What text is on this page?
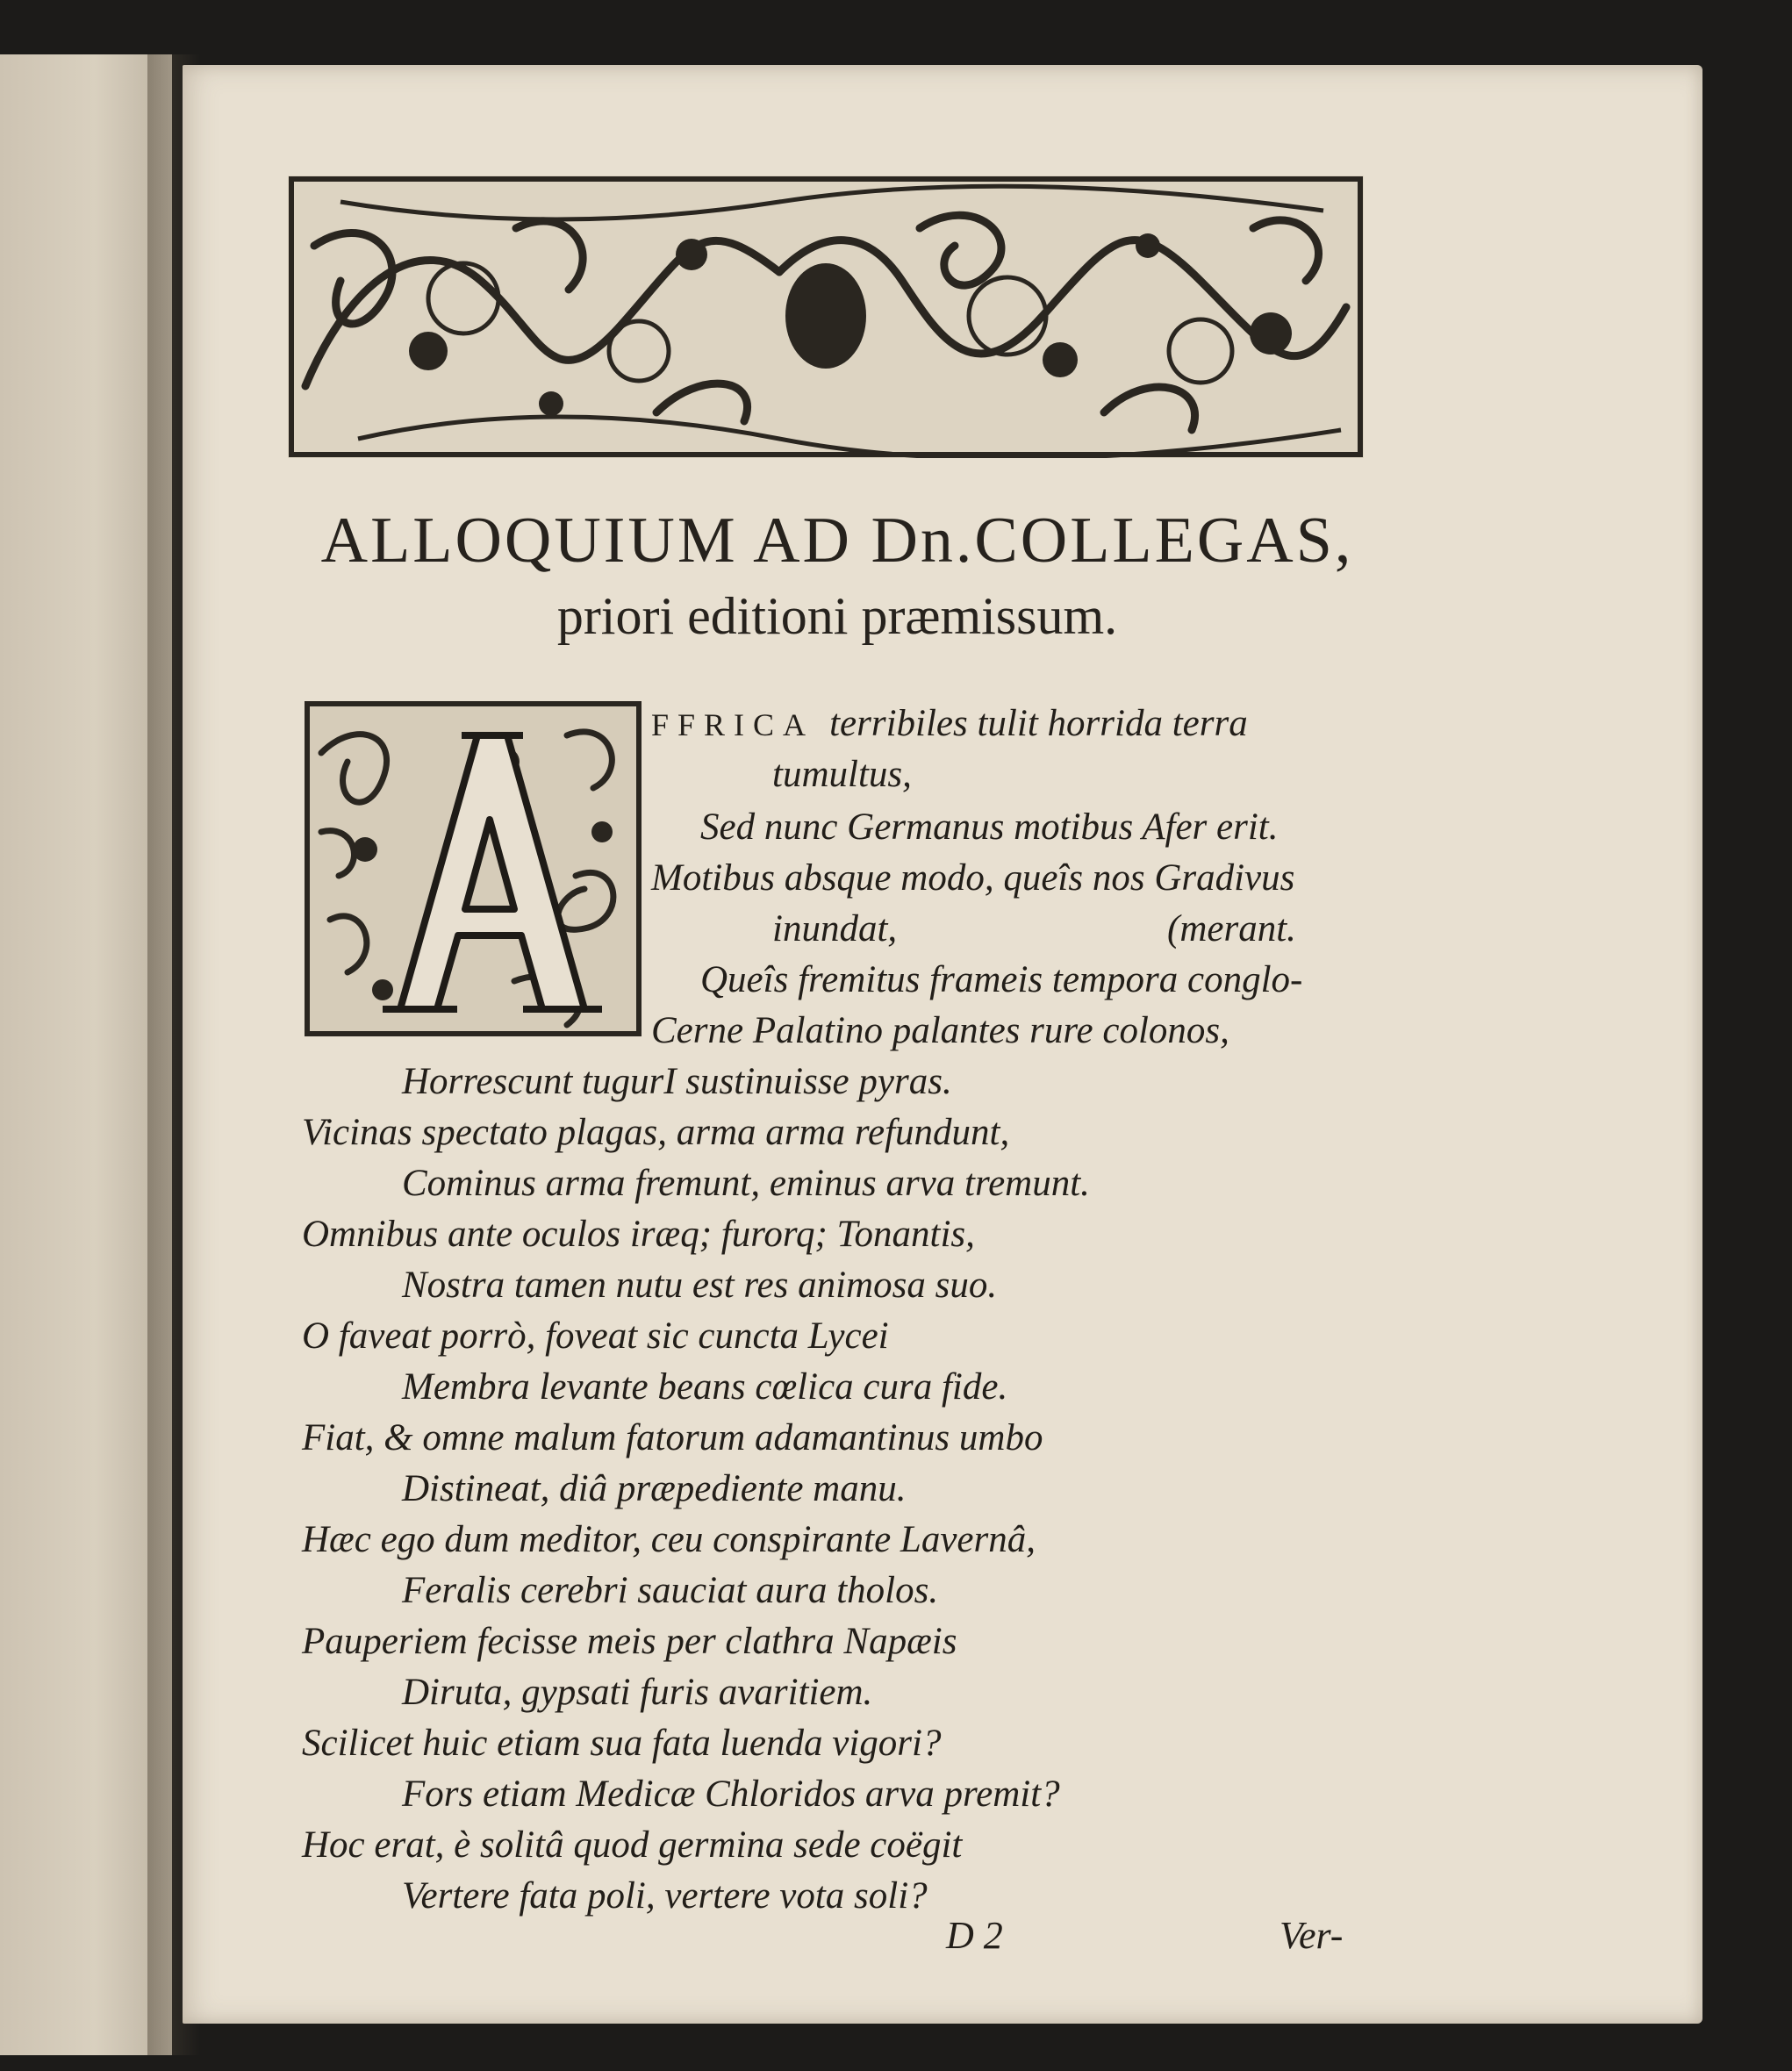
ALLOQUIUM AD Dn.COLLEGAS,
priori editioni præmissum.
FFRICA terribiles tulit horrida terra
tumultus,
Sed nunc Germanus motibus Afer erit.
Motibus absque modo, queîs nos Gradivus
inundat,	(merant.
Queîs fremitus frameis tempora conglo-
Cerne Palatino palantes rure colonos,
Horrescunt tugurI sustinuisse pyras.
Vicinas spectato plagas, arma arma refundunt,
Cominus arma fremunt, eminus arva tremunt.
Omnibus ante oculos iræq; furorq; Tonantis,
Nostra tamen nutu est res animosa suo.
O faveat porrò, foveat sic cuncta Lycei
Membra levante beans cœlica cura fide.
Fiat, & omne malum fatorum adamantinus umbo
Distineat, diâ præpediente manu.
Hæc ego dum meditor, ceu conspirante Lavernâ,
Feralis cerebri sauciat aura tholos.
Pauperiem fecisse meis per clathra Napæis
Diruta, gypsati furis avaritiem.
Scilicet huic etiam sua fata luenda vigori?
Fors etiam Medicæ Chloridos arva premit?
Hoc erat, è solitâ quod germina sede coëgit
Vertere fata poli, vertere vota soli?
D 2	Ver-
